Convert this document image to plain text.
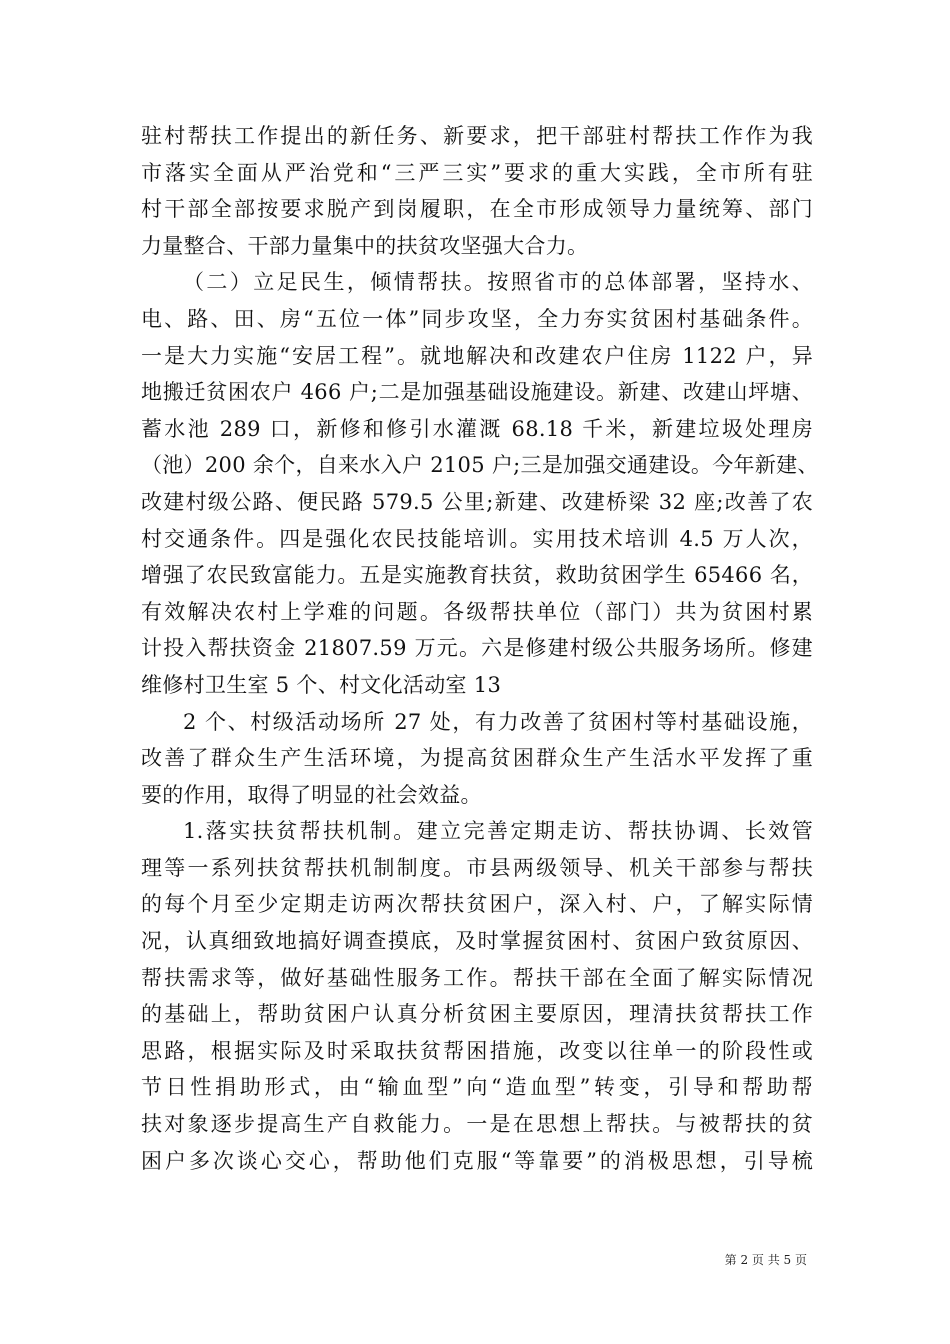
驻村帮扶工作提出的新任务、新要求，把干部驻村帮扶工作作为我
市落实全面从严治党和“三严三实”要求的重大实践，全市所有驻
村干部全部按要求脱产到岗履职，在全市形成领导力量统筹、部门
力量整合、干部力量集中的扶贫攻坚强大合力。
（二）立足民生，倾情帮扶。按照省市的总体部署，坚持水、
电、路、田、房“五位一体”同步攻坚，全力夯实贫困村基础条件。
一是大力实施“安居工程”。就地解决和改建农户住房 1122 户，异
地搬迁贫困农户 466 户;二是加强基础设施建设。新建、改建山坪塘、
蓄水池 289 口，新修和修引水灌溉 68.18 千米，新建垃圾处理房
（池）200 余个，自来水入户 2105 户;三是加强交通建设。今年新建、
改建村级公路、便民路 579.5 公里;新建、改建桥梁 32 座;改善了农
村交通条件。四是强化农民技能培训。实用技术培训 4.5 万人次，
增强了农民致富能力。五是实施教育扶贫，救助贫困学生 65466 名，
有效解决农村上学难的问题。各级帮扶单位（部门）共为贫困村累
计投入帮扶资金 21807.59 万元。六是修建村级公共服务场所。修建
维修村卫生室 5 个、村文化活动室 13
2 个、村级活动场所 27 处，有力改善了贫困村等村基础设施，
改善了群众生产生活环境，为提高贫困群众生产生活水平发挥了重
要的作用，取得了明显的社会效益。
1.落实扶贫帮扶机制。建立完善定期走访、帮扶协调、长效管
理等一系列扶贫帮扶机制制度。市县两级领导、机关干部参与帮扶
的每个月至少定期走访两次帮扶贫困户，深入村、户，了解实际情
况，认真细致地搞好调查摸底，及时掌握贫困村、贫困户致贫原因、
帮扶需求等，做好基础性服务工作。帮扶干部在全面了解实际情况
的基础上，帮助贫困户认真分析贫困主要原因，理清扶贫帮扶工作
思路，根据实际及时采取扶贫帮困措施，改变以往单一的阶段性或
节日性捐助形式，由“输血型”向“造血型”转变，引导和帮助帮
扶对象逐步提高生产自救能力。一是在思想上帮扶。与被帮扶的贫
困户多次谈心交心，帮助他们克服“等靠要”的消极思想，引导梳
第 2 页 共 5 页
